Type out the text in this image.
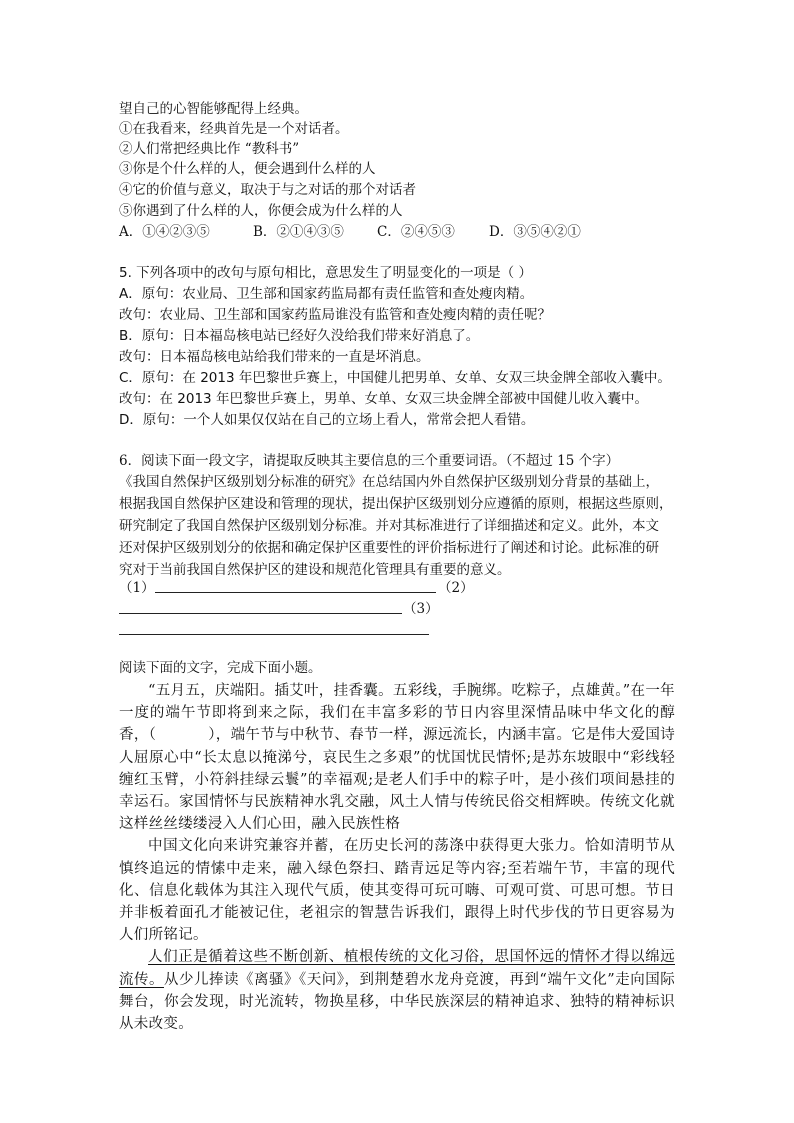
望自己的心智能够配得上经典。
①在我看来，经典首先是一个对话者。
②人们常把经典比作 “教科书”
③你是个什么样的人，便会遇到什么样的人
④它的价值与意义，取决于与之对话的那个对话者
⑤你遇到了什么样的人，你便会成为什么样的人
A．①④②③⑤	B．②①④③⑤ C．②④⑤③	D．③⑤④②①
5. 下列各项中的改句与原句相比，意思发生了明显变化的一项是（ ）
A．原句：农业局、卫生部和国家药监局都有责任监管和查处瘦肉精。
改句：农业局、卫生部和国家药监局谁没有监管和查处瘦肉精的责任呢？
B．原句：日本福岛核电站已经好久没给我们带来好消息了。
改句：日本福岛核电站给我们带来的一直是坏消息。
C．原句：在 2013 年巴黎世乒赛上，中国健儿把男单、女单、女双三块金牌全部收入囊中。
改句：在 2013 年巴黎世乒赛上，男单、女单、女双三块金牌全部被中国健儿收入囊中。
D．原句：一个人如果仅仅站在自己的立场上看人，常常会把人看错。
6．阅读下面一段文字，请提取反映其主要信息的三个重要词语。（不超过 15 个字）
《我国自然保护区级别划分标准的研究》在总结国内外自然保护区级别划分背景的基础上，
根据我国自然保护区建设和管理的现状，提出保护区级别划分应遵循的原则，根据这些原则，
研究制定了我国自然保护区级别划分标准。并对其标准进行了详细描述和定义。此外，本文
还对保护区级别划分的依据和确定保护区重要性的评价指标进行了阐述和讨论。此标准的研
究对于当前我国自然保护区的建设和规范化管理具有重要的意义。
（1）	（2）
（3）
阅读下面的文字，完成下面小题。

“五月五，庆端阳。插艾叶，挂香囊。五彩线，手腕绑。吃粽子，点雄黄。”在一年一度的端午节即将到来之际，我们在丰富多彩的节日内容里深情品味中华文化的醇香，（	），端午节与中秋节、春节一样，源远流长，内涵丰富。它是伟大爱国诗人屈原心中“长太息以掩涕兮，哀民生之多艰”的忧国忧民情怀;是苏东坡眼中“彩线轻缠红玉臂，小符斜挂绿云鬟”的幸福观;是老人们手中的粽子叶，是小孩们项间悬挂的幸运石。家国情怀与民族精神水乳交融，风土人情与传统民俗交相辉映。传统文化就这样丝丝缕缕浸入人们心田，融入民族性格

中国文化向来讲究兼容并蓄，在历史长河的荡涤中获得更大张力。恰如清明节从慎终追远的情愫中走来，融入绿色祭扫、踏青远足等内容;至若端午节，丰富的现代化、信息化载体为其注入现代气质，使其变得可玩可嗨、可观可赏、可思可想。节日并非板着面孔才能被记住，老祖宗的智慧告诉我们，跟得上时代步伐的节日更容易为人们所铭记。

人们正是循着这些不断创新、植根传统的文化习俗，思国怀远的情怀才得以绵远流传。从少儿捧读《离骚》《天问》，到荆楚碧水龙舟竞渡，再到“端午文化”走向国际舞台，你会发现，时光流转，物换星移，中华民族深层的精神追求、独特的精神标识从未改变。
